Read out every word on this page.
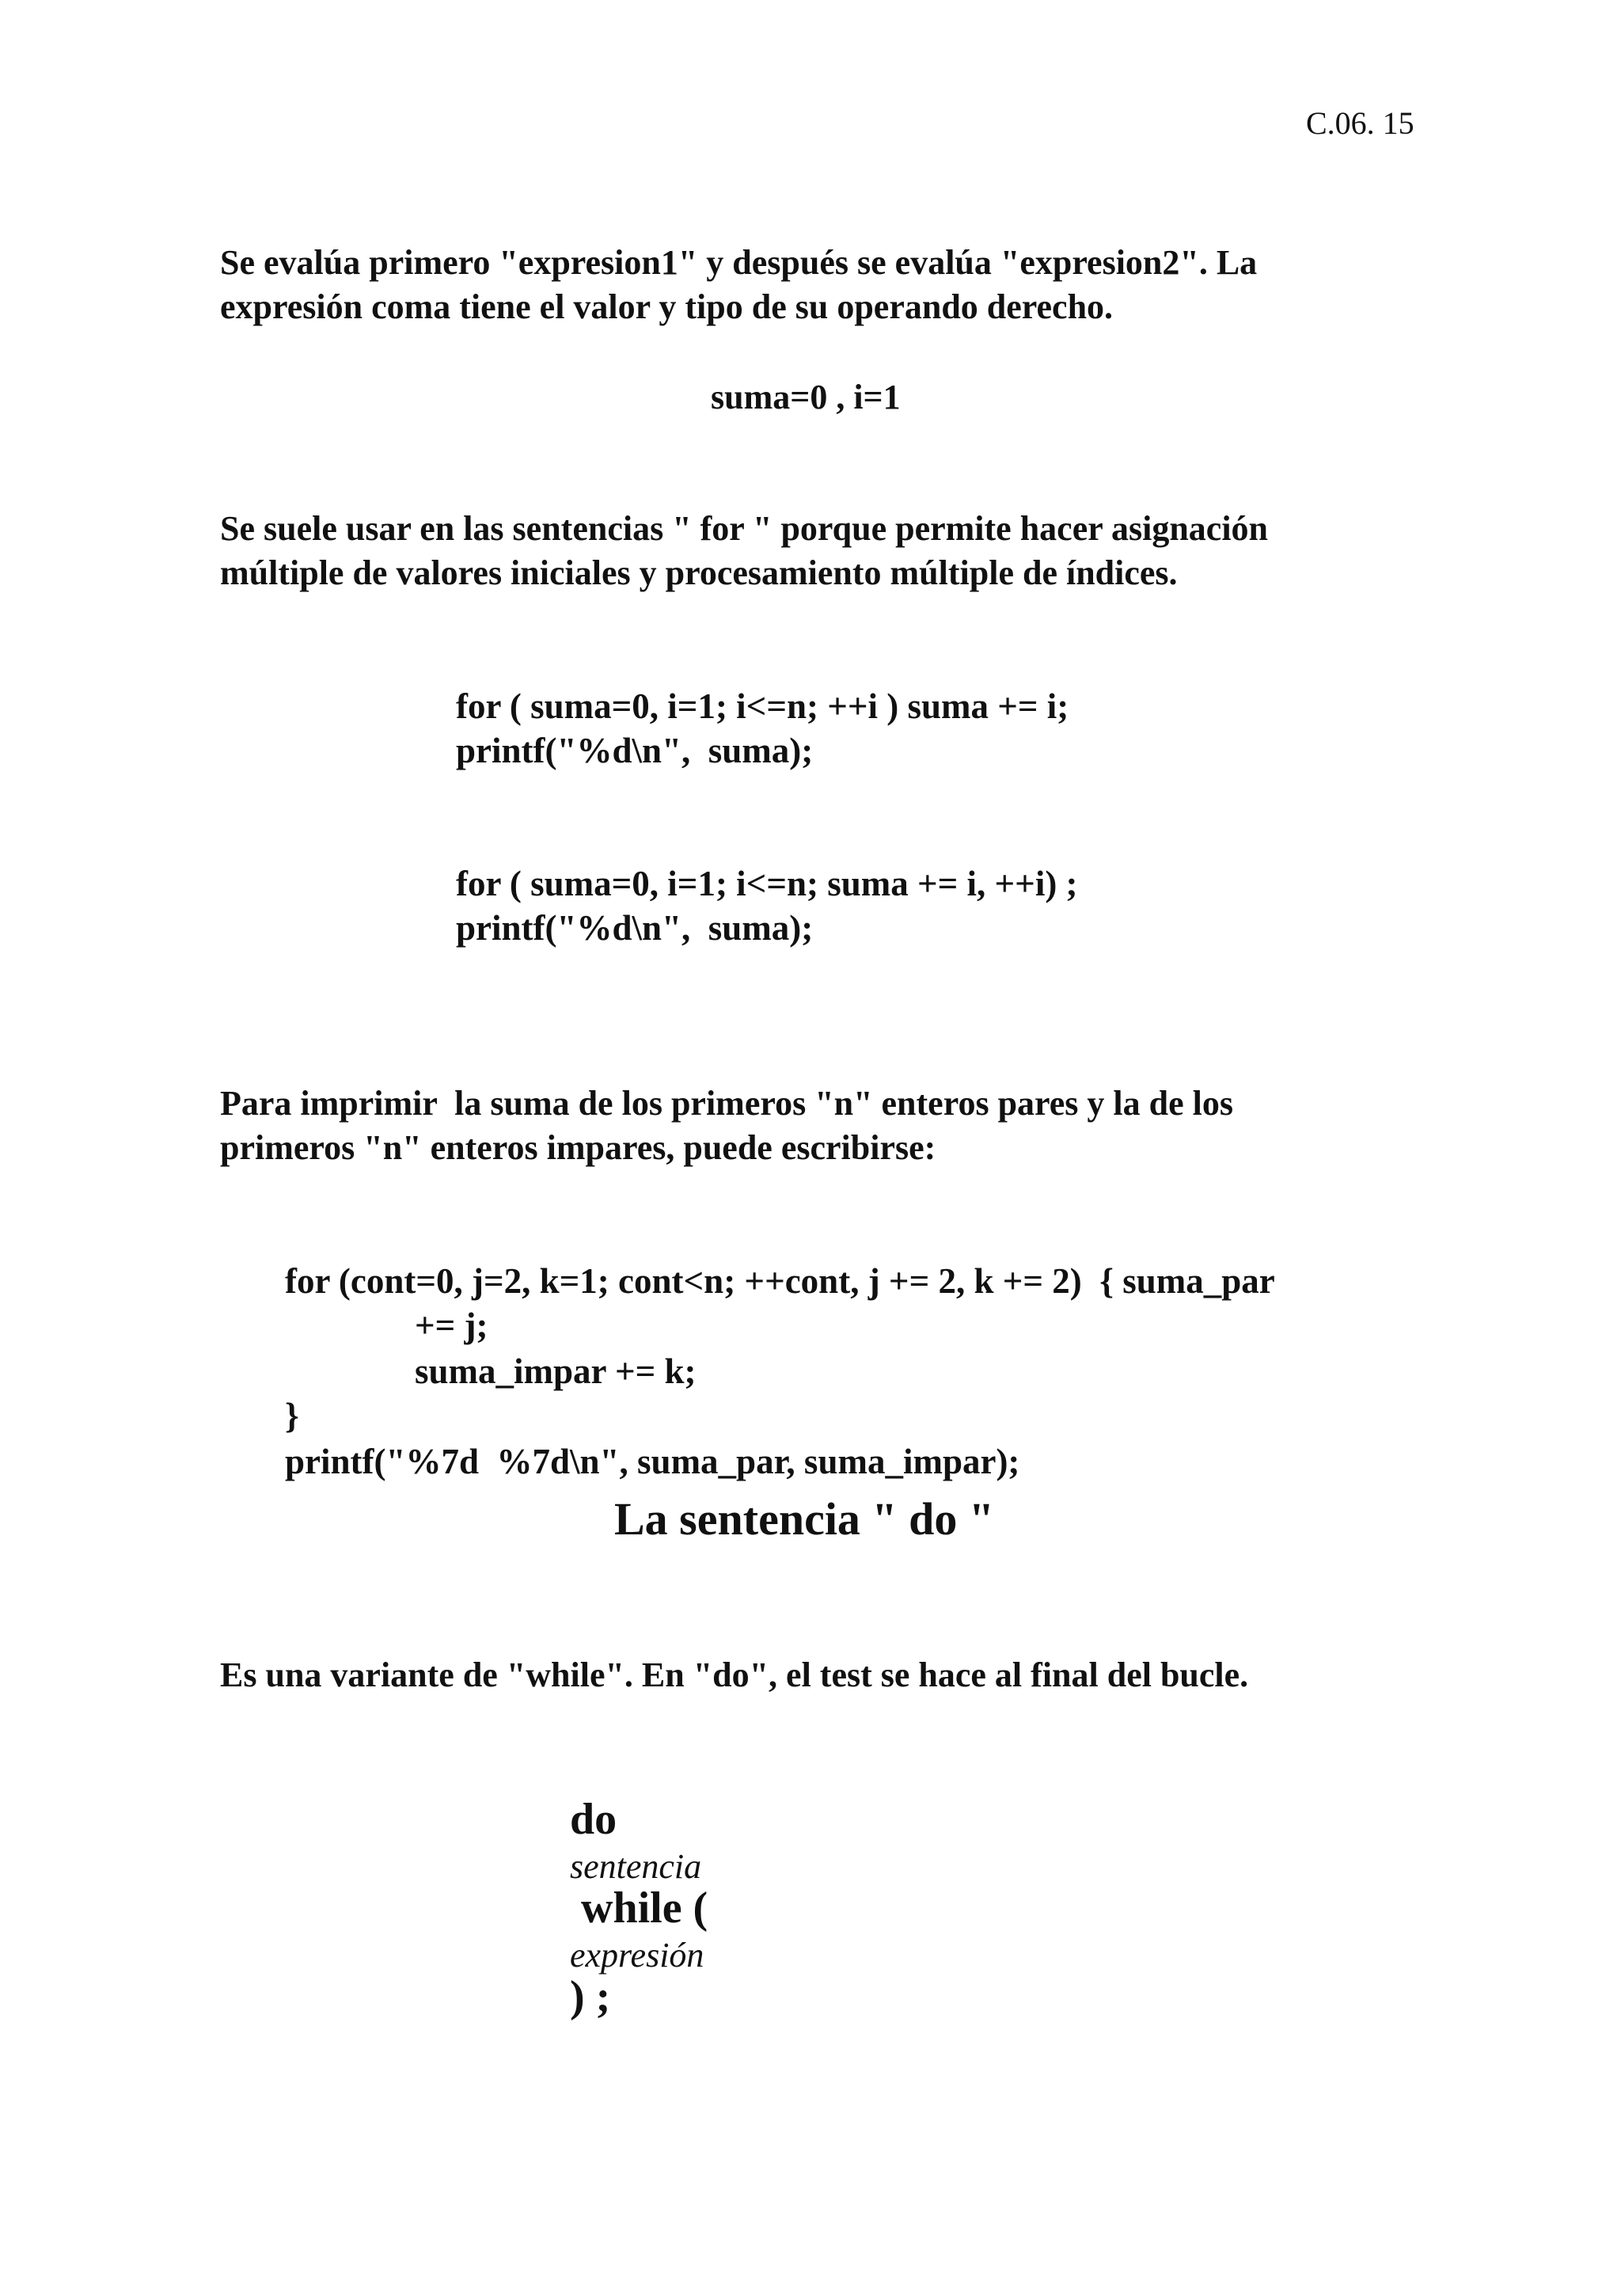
C.06. 15
Se evalúa primero "expresion1" y después se evalúa "expresion2". La
expresión coma tiene el valor y tipo de su operando derecho.
suma=0 , i=1
Se suele usar en las sentencias " for " porque permite hacer asignación
múltiple de valores iniciales y procesamiento múltiple de índices.
for ( suma=0, i=1; i<=n; ++i ) suma += i;
printf("%d\n",  suma);
for ( suma=0, i=1; i<=n; suma += i, ++i) ;
printf("%d\n",  suma);
Para imprimir  la suma de los primeros "n" enteros pares y la de los
primeros "n" enteros impares, puede escribirse:
for (cont=0, j=2, k=1; cont<n; ++cont, j += 2, k += 2)  { suma_par
+= j;
suma_impar += k;
}
printf("%7d  %7d\n", suma_par, suma_impar);
La sentencia " do "
Es una variante de "while". En "do", el test se hace al final del bucle.

do
sentencia
while (
expresión
) ;
